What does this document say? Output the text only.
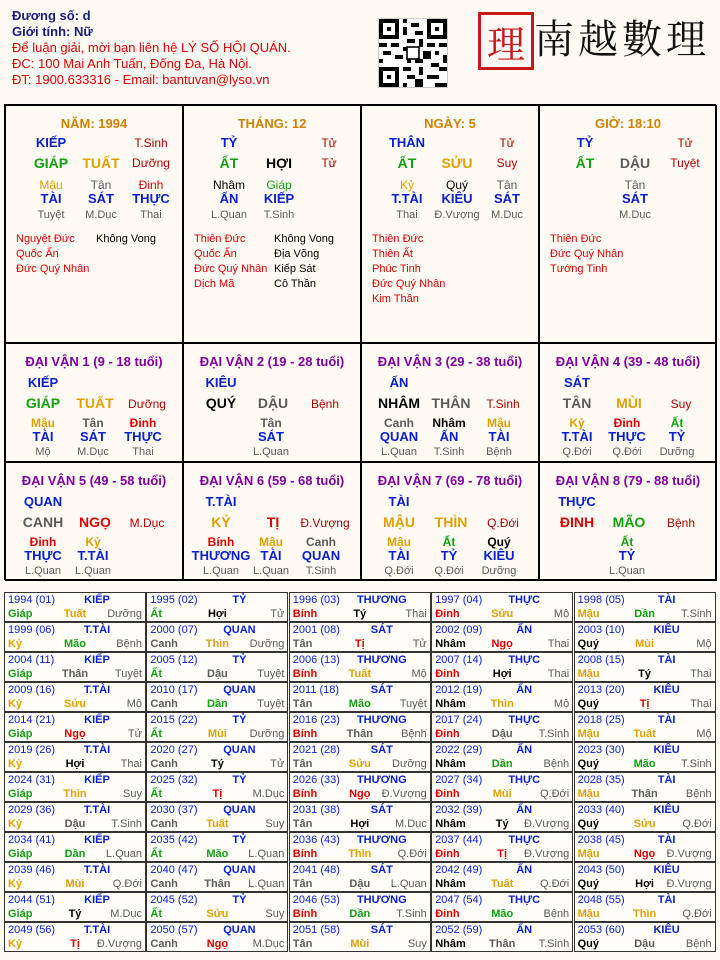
Đương số: d
Giới tính: Nữ
Để luận giải, mời bạn liên hệ LÝ SỐ HỘI QUÁN.
ĐC: 100 Mai Anh Tuấn, Đống Đa, Hà Nội.
ĐT: 1900.633316 - Email: bantuvan@lyso.vn
理 南越數理
NĂM: 1994
KIẾP	T.Sinh
GIÁP	TUẤT	Dưỡng
Mậu	Tân	Đinh
TÀI	SÁT	THỰC
Tuyệt	M.Dục	Thai
Nguyệt Đức
Quốc Ấn
Đức Quý Nhân
Không Vong
THÁNG: 12
TỶ	Tử
ẤT	HỢI	Tử
Nhâm	Giáp
ẤN	KIẾP
L.Quan	T.Sinh
Thiên Đức
Quốc Ấn
Đức Quý Nhân
Dịch Mã
Không Vong
Địa Võng
Kiếp Sát
Cô Thần
NGÀY: 5
THÂN	Tử
ẤT	SỬU	Suy
Kỷ	Quý	Tân
T.TÀI	KIÊU	SÁT
Thai	Đ.Vượng	M.Dục
Thiên Đức
Thiên Ất
Phúc Tinh
Đức Quý Nhân
Kim Thần
GIỜ: 18:10
TỶ	Tử
ẤT	DẬU	Tuyệt
Tân
SÁT
M.Dục
Thiên Đức
Đức Quý Nhân
Tướng Tinh
ĐẠI VẬN 1 (9 - 18 tuổi)
KIẾP
GIÁP	TUẤT	Dưỡng
Mậu	Tân	Đinh
TÀI	SÁT	THỰC
Mộ	M.Dục	Thai
ĐẠI VẬN 2 (19 - 28 tuổi)
KIÊU
QUÝ	DẬU	Bệnh
Tân
SÁT
L.Quan
ĐẠI VẬN 3 (29 - 38 tuổi)
ẤN
NHÂM THÂN	T.Sinh
Canh	Nhâm	Mậu
QUAN	ẤN	TÀI
L.Quan	T.Sinh	Bệnh
ĐẠI VẬN 4 (39 - 48 tuổi)
SÁT
TÂN	MÙI	Suy
Kỷ	Đinh	Ất
T.TÀI	THỰC	TỶ
Q.Đới	Q.Đới	Dưỡng
ĐẠI VẬN 5 (49 - 58 tuổi)
QUAN
CANH	NGỌ	M.Dục
Đinh	Kỷ
THỰC	T.TÀI
L.Quan	L.Quan
ĐẠI VẬN 6 (59 - 68 tuổi)
T.TÀI
KỶ	TỊ	Đ.Vượng
Bính	Mậu	Canh
THƯƠNG TÀI	QUAN
L.Quan	L.Quan	T.Sinh
ĐẠI VẬN 7 (69 - 78 tuổi)
TÀI
MẬU	THÌN	Q.Đới
Mậu	Ất	Quý
TÀI	TỶ	KIÊU
Q.Đới	Q.Đới	Dưỡng
ĐẠI VẬN 8 (79 - 88 tuổi)
THỰC
ĐINH	MÃO	Bệnh
Ất
TỶ
L.Quan
1994 (01)	KIẾP
Giáp	Tuất	Dưỡng
1995 (02)	TỶ
Ất	Hợi	Tử
1996 (03)	THƯƠNG
Bính	Tý	Thai
1997 (04)	THỰC
Đinh	Sửu	Mộ
1998 (05)	TÀI
Mậu	Dần	T.Sinh
1999 (06)	T.TÀI
Kỷ	Mão	Bệnh
2000 (07)	QUAN
Canh	Thìn	Dưỡng
2001 (08)	SÁT
Tân	Tị	Tử
2002 (09)	ẤN
Nhâm	Ngọ	Thai
2003 (10)	KIÊU
Quý	Mùi	Mộ
2004 (11)	KIẾP
Giáp	Thân	Tuyệt
2005 (12)	TỶ
Ất	Dậu	Tuyệt
2006 (13)	THƯƠNG
Bính	Tuất	Mộ
2007 (14)	THỰC
Đinh	Hợi	Thai
2008 (15)	TÀI
Mậu	Tý	Thai
2009 (16)	T.TÀI
Kỷ	Sửu	Mộ
2010 (17)	QUAN
Canh	Dần	Tuyệt
2011 (18)	SÁT
Tân	Mão	Tuyệt
2012 (19)	ẤN
Nhâm	Thìn	Mộ
2013 (20)	KIÊU
Quý	Tị	Thai
2014 (21)	KIẾP
Giáp	Ngọ	Tử
2015 (22)	TỶ
Ất	Mùi	Dưỡng
2016 (23)	THƯƠNG
Bính	Thân	Bệnh
2017 (24)	THỰC
Đinh	Dậu	T.Sinh
2018 (25)	TÀI
Mậu	Tuất	Mộ
2019 (26)	T.TÀI
Kỷ	Hợi	Thai
2020 (27)	QUAN
Canh	Tý	Tử
2021 (28)	SÁT
Tân	Sửu	Dưỡng
2022 (29)	ẤN
Nhâm	Dần	Bệnh
2023 (30)	KIÊU
Quý	Mão	T.Sinh
2024 (31)	KIẾP
Giáp	Thìn	Suy
2025 (32)	TỶ
Ất	Tị	M.Dục
2026 (33)	THƯƠNG
Bính	Ngọ	Đ.Vượng
2027 (34)	THỰC
Đinh	Mùi	Q.Đới
2028 (35)	TÀI
Mậu	Thân	Bệnh
2029 (36)	T.TÀI
Kỷ	Dậu	T.Sinh
2030 (37)	QUAN
Canh	Tuất	Suy
2031 (38)	SÁT
Tân	Hợi	M.Dục
2032 (39)	ẤN
Nhâm	Tý	Đ.Vượng
2033 (40)	KIÊU
Quý	Sửu	Q.Đới
2034 (41)	KIẾP
Giáp	Dần	L.Quan
2035 (42)	TỶ
Ất	Mão	L.Quan
2036 (43)	THƯƠNG
Bính	Thìn	Q.Đới
2037 (44)	THỰC
Đinh	Tị	Đ.Vượng
2038 (45)	TÀI
Mậu	Ngọ	Đ.Vượng
2039 (46)	T.TÀI
Kỷ	Mùi	Q.Đới
2040 (47)	QUAN
Canh	Thân	L.Quan
2041 (48)	SÁT
Tân	Dậu	L.Quan
2042 (49)	ẤN
Nhâm	Tuất	Q.Đới
2043 (50)	KIÊU
Quý	Hợi	Đ.Vượng
2044 (51)	KIẾP
Giáp	Tý	M.Dục
2045 (52)	TỶ
Ất	Sửu	Suy
2046 (53)	THƯƠNG
Bính	Dần	T.Sinh
2047 (54)	THỰC
Đinh	Mão	Bệnh
2048 (55)	TÀI
Mậu	Thìn	Q.Đới
2049 (56)	T.TÀI
Kỷ	Tị	Đ.Vượng
2050 (57)	QUAN
Canh	Ngọ	M.Dục
2051 (58)	SÁT
Tân	Mùi	Suy
2052 (59)	ẤN
Nhâm	Thân	T.Sinh
2053 (60)	KIÊU
Quý	Dậu	Bệnh
